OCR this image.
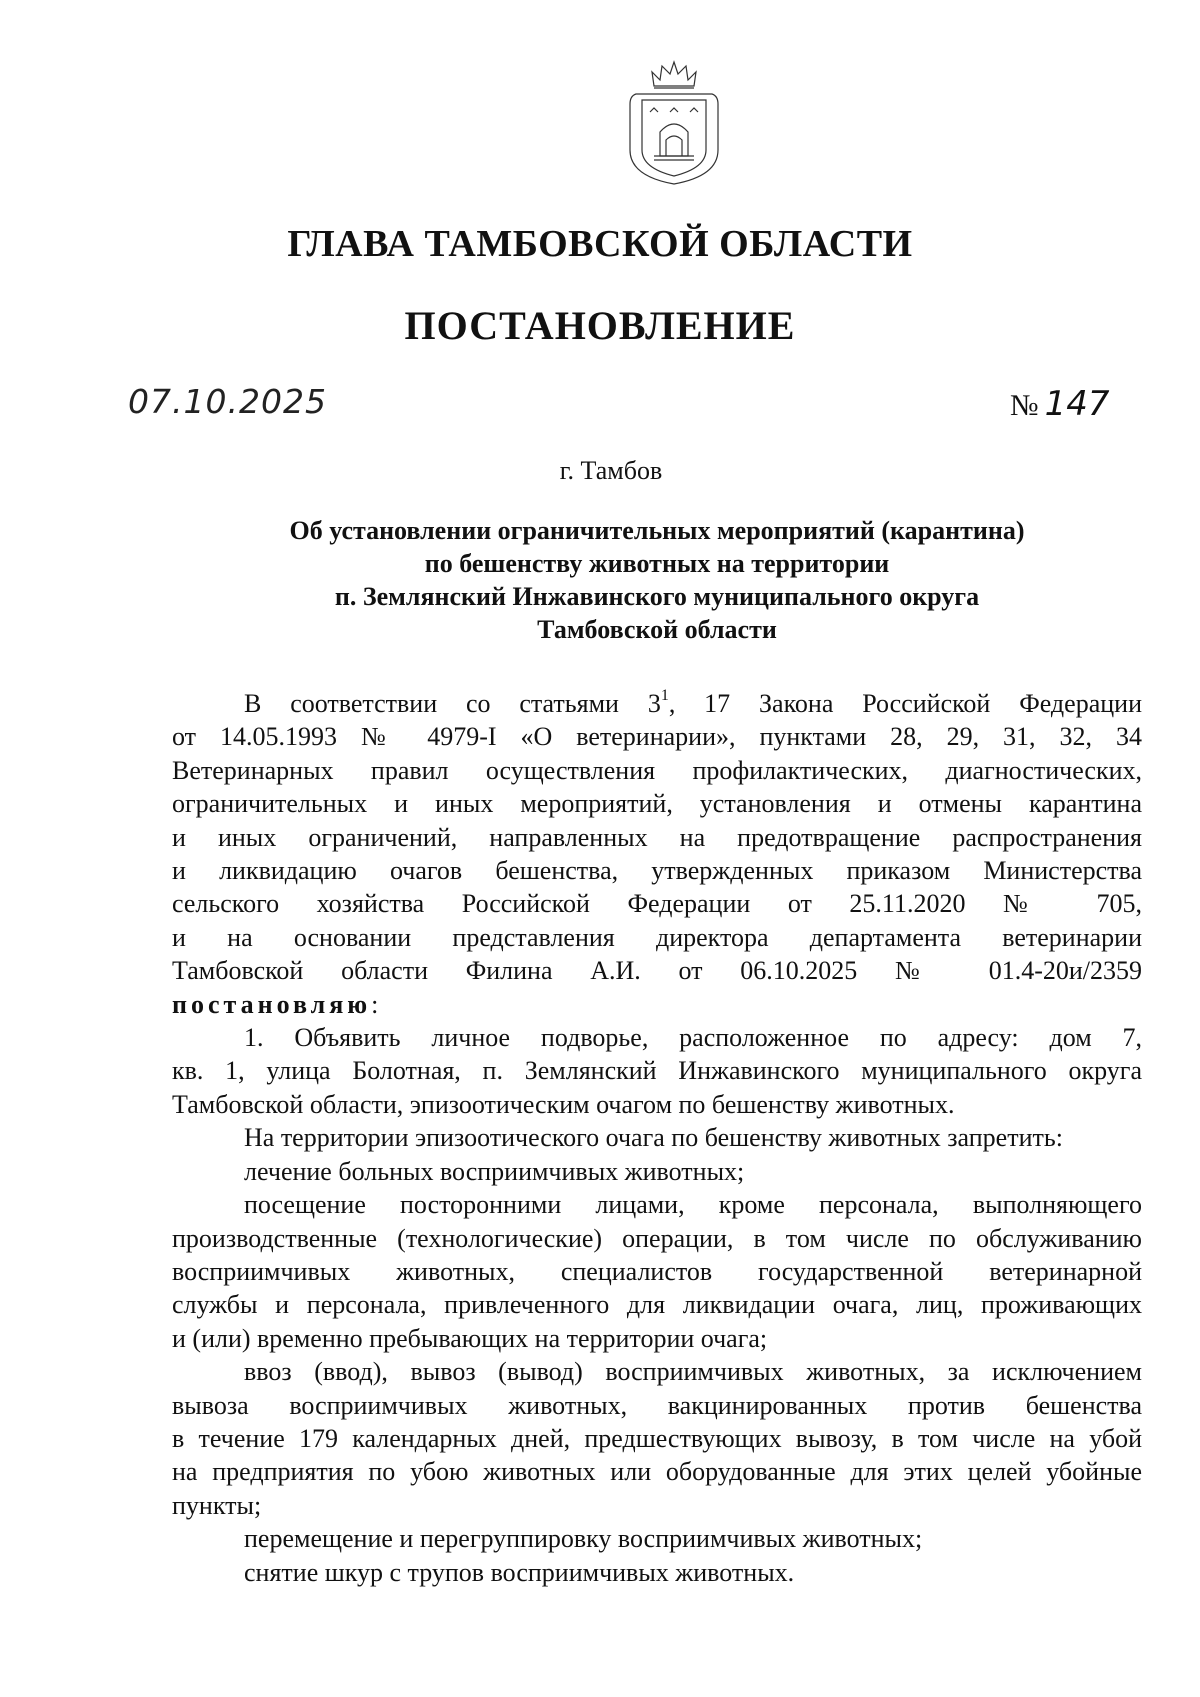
ГЛАВА ТАМБОВСКОЙ ОБЛАСТИ
ПОСТАНОВЛЕНИЕ
07.10.2025	№ 147
г. Тамбов
Об установлении ограничительных мероприятий (карантина)
по бешенству животных на территории
п. Землянский Инжавинского муниципального округа
Тамбовской области
В соответствии со статьями $3^1$, 17 Закона Российской Федерации
от 14.05.1993 № 4979-I «О ветеринарии», пунктами 28, 29, 31, 32, 34
Ветеринарных правил осуществления профилактических, диагностических,
ограничительных и иных мероприятий, установления и отмены карантина
и иных ограничений, направленных на предотвращение распространения
и ликвидацию очагов бешенства, утвержденных приказом Министерства
сельского хозяйства Российской Федерации от 25.11.2020 № 705,
и на основании представления директора департамента ветеринарии
Тамбовской области Филина А.И. от 06.10.2025 № 01.4-20и/2359
постановляю:
1. Объявить личное подворье, расположенное по адресу: дом 7,
кв. 1, улица Болотная, п. Землянский Инжавинского муниципального округа
Тамбовской области, эпизоотическим очагом по бешенству животных.
На территории эпизоотического очага по бешенству животных запретить:
лечение больных восприимчивых животных;
посещение посторонними лицами, кроме персонала, выполняющего
производственные (технологические) операции, в том числе по обслуживанию
восприимчивых животных, специалистов государственной ветеринарной
службы и персонала, привлеченного для ликвидации очага, лиц, проживающих
и (или) временно пребывающих на территории очага;
ввоз (ввод), вывоз (вывод) восприимчивых животных, за исключением
вывоза восприимчивых животных, вакцинированных против бешенства
в течение 179 календарных дней, предшествующих вывозу, в том числе на убой
на предприятия по убою животных или оборудованные для этих целей убойные
пункты;
перемещение и перегруппировку восприимчивых животных;
снятие шкур с трупов восприимчивых животных.
